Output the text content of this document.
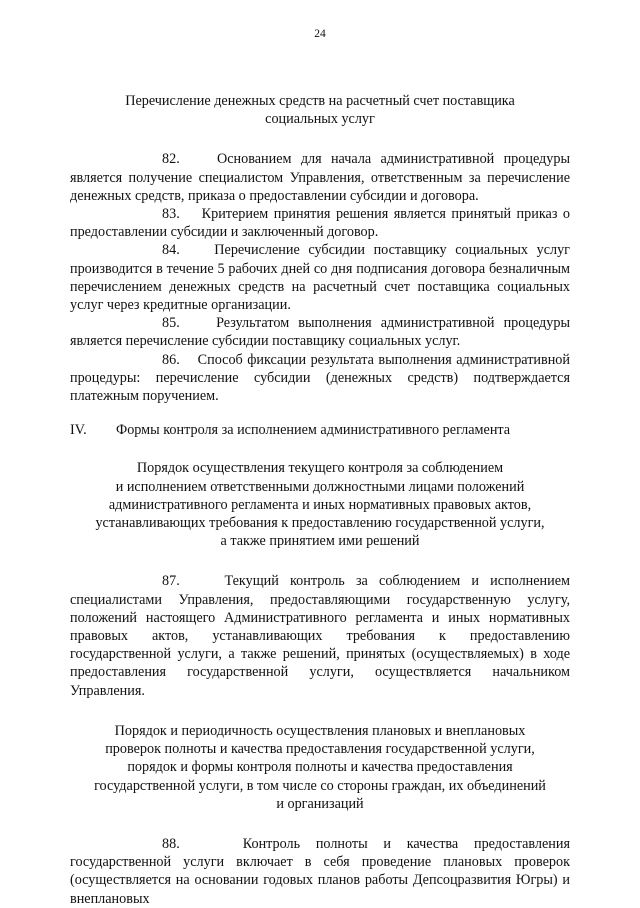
24

Перечисление денежных средств на расчетный счет поставщика
социальных услуг

82.	Основанием для начала административной процедуры является получение специалистом Управления, ответственным за перечисление денежных средств, приказа о предоставлении субсидии и договора.

83. Критерием принятия решения является принятый приказ о предоставлении субсидии и заключенный договор.

84. Перечисление субсидии поставщику социальных услуг производится в течение 5 рабочих дней со дня подписания договора безналичным перечислением денежных средств на расчетный счет поставщика социальных услуг через кредитные организации.

85.	Результатом выполнения административной процедуры является перечисление субсидии поставщику социальных услуг.

86. Способ фиксации результата выполнения административной процедуры: перечисление субсидии (денежных средств) подтверждается платежным поручением.

IV. Формы контроля за исполнением административного регламента

Порядок осуществления текущего контроля за соблюдением
и исполнением ответственными должностными лицами положений
административного регламента и иных нормативных правовых актов,
устанавливающих требования к предоставлению государственной услуги,
а также принятием ими решений

87.	Текущий контроль за соблюдением и исполнением специалистами Управления, предоставляющими государственную услугу, положений настоящего Административного регламента и иных нормативных правовых актов, устанавливающих требования к предоставлению государственной услуги, а также решений, принятых (осуществляемых) в ходе предоставления государственной услуги, осуществляется начальником Управления.

Порядок и периодичность осуществления плановых и внеплановых
проверок полноты и качества предоставления государственной услуги,
порядок и формы контроля полноты и качества предоставления
государственной услуги, в том числе со стороны граждан, их объединений
и организаций

88.	Контроль полноты и качества предоставления государственной услуги включает в себя проведение плановых проверок (осуществляется на основании годовых планов работы Депсоцразвития Югры) и внеплановых
